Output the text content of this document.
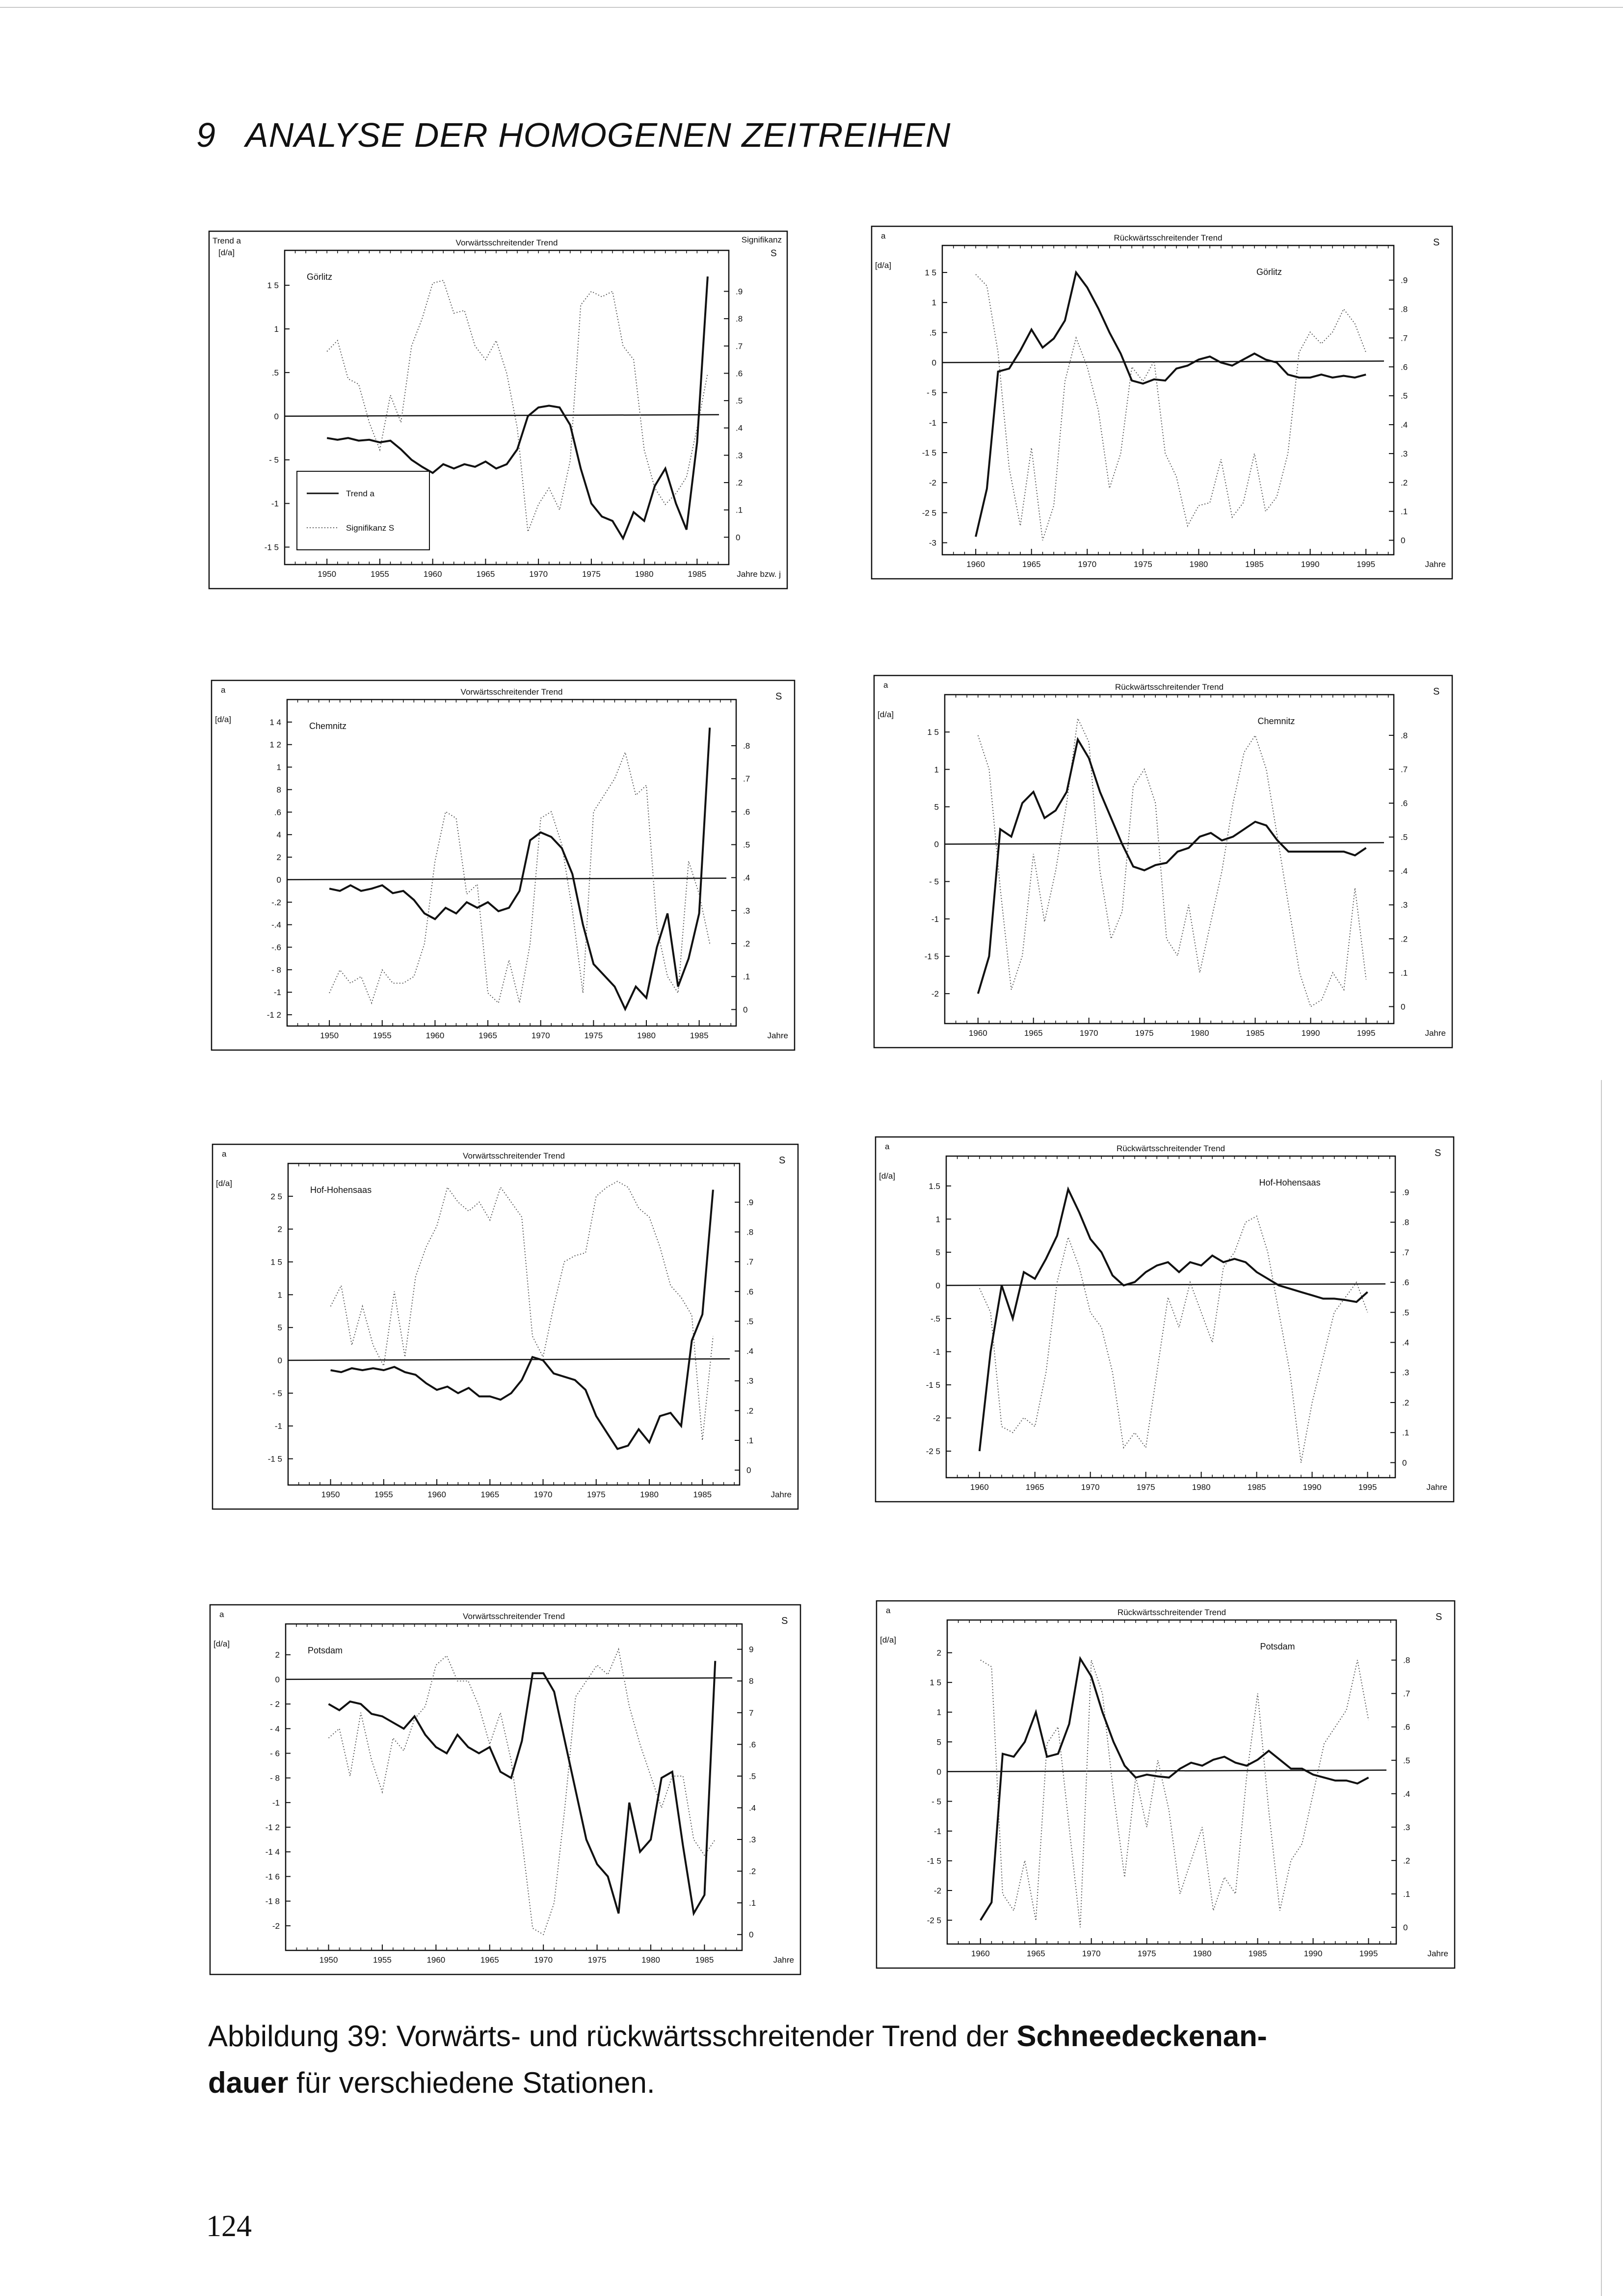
9 ANALYSE DER HOMOGENEN ZEITREIHEN
Vorwärtsschreitender Trend
Trend a
[d/a]
Signifikanz
S
1950	1955	1960	1965	1970	1975	1980	1985	Jahre bzw. j
1 5
1
.5
0
- 5
-1
-1 5
.9
.8
.7
.6
.5
.4
.3
.2
.1
0
Görlitz
Trend a
Signifikanz S
Rückwärtsschreitender Trend
a
[d/a]
S
1960	1965	1970	1975	1980	1985	1990	1995	Jahre
1 5
1
.5
0
- 5
-1
-1 5
-2
-2 5
-3
.9
.8
.7
.6
.5
.4
.3
.2
.1
0
Görlitz
Vorwärtsschreitender Trend
a
[d/a]
S
1950	1955	1960	1965	1970	1975	1980	1985	Jahre
1 4
1 2
1
8
.6
4
2
0
-.2
-.4
-.6
- 8
-1
-1 2
.8
.7
.6
.5
.4
.3
.2
.1
0
Chemnitz
Rückwärtsschreitender Trend
a
[d/a]
S
1960	1965	1970	1975	1980	1985	1990	1995	Jahre
1 5
1
5
0
- 5
-1
-1 5
-2
.8
.7
.6
.5
.4
.3
.2
.1
0
Chemnitz
Vorwärtsschreitender Trend
a
[d/a]
S
1950	1955	1960	1965	1970	1975	1980	1985	Jahre
2 5
2
1 5
1
5
0
- 5
-1
-1 5
.9
.8
.7
.6
.5
.4
.3
.2
.1
0
Hof-Hohensaas
Rückwärtsschreitender Trend
a
[d/a]
S
1960	1965	1970	1975	1980	1985	1990	1995	Jahre
1.5
1
5
0
-.5
-1
-1 5
-2
-2 5
.9
.8
.7
.6
.5
.4
.3
.2
.1
0
Hof-Hohensaas
Vorwärtsschreitender Trend
a
[d/a]
S
1950	1955	1960	1965	1970	1975	1980	1985	Jahre
2
0
- 2
- 4
- 6
- 8
-1
-1 2
-1 4
-1 6
-1 8
-2
9
8
7
.6
.5
.4
.3
.2
.1
0
Potsdam
Rückwärtsschreitender Trend
a
[d/a]
S
1960	1965	1970	1975	1980	1985	1990	1995	Jahre
2
1 5
1
5
0
- 5
-1
-1 5
-2
-2 5
.8
.7
.6
.5
.4
.3
.2
.1
0
Potsdam
Abbildung 39: Vorwärts- und rückwärtsschreitender Trend der Schneedeckenan-
dauer für verschiedene Stationen.
124
